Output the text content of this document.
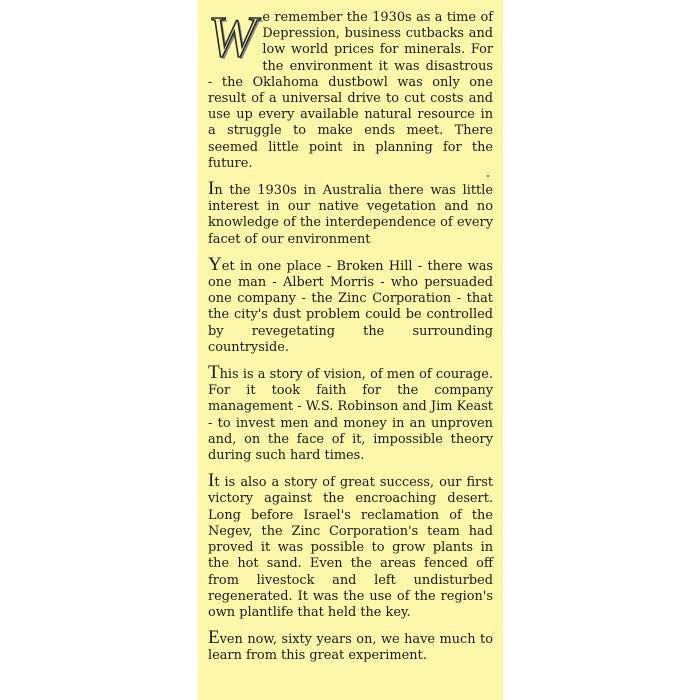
We remember the 1930s as a time of Depression, business cutbacks and low world prices for minerals. For the environment it was disastrous - the Oklahoma dustbowl was only one result of a universal drive to cut costs and use up every available natural resource in a struggle to make ends meet. There seemed little point in planning for the future.

In the 1930s in Australia there was little interest in our native vegetation and no knowledge of the interdependence of every facet of our environment

Yet in one place - Broken Hill - there was one man - Albert Morris - who persuaded one company - the Zinc Corporation - that the city's dust problem could be controlled by revegetating the surrounding countryside.

This is a story of vision, of men of courage. For it took faith for the company management - W.S. Robinson and Jim Keast - to invest men and money in an unproven and, on the face of it, impossible theory during such hard times.

It is also a story of great success, our first victory against the encroaching desert. Long before Israel's reclamation of the Negev, the Zinc Corporation's team had proved it was possible to grow plants in the hot sand. Even the areas fenced off from livestock and left undisturbed regenerated. It was the use of the region's own plantlife that held the key.

Even now, sixty years on, we have much to learn from this great experiment.
